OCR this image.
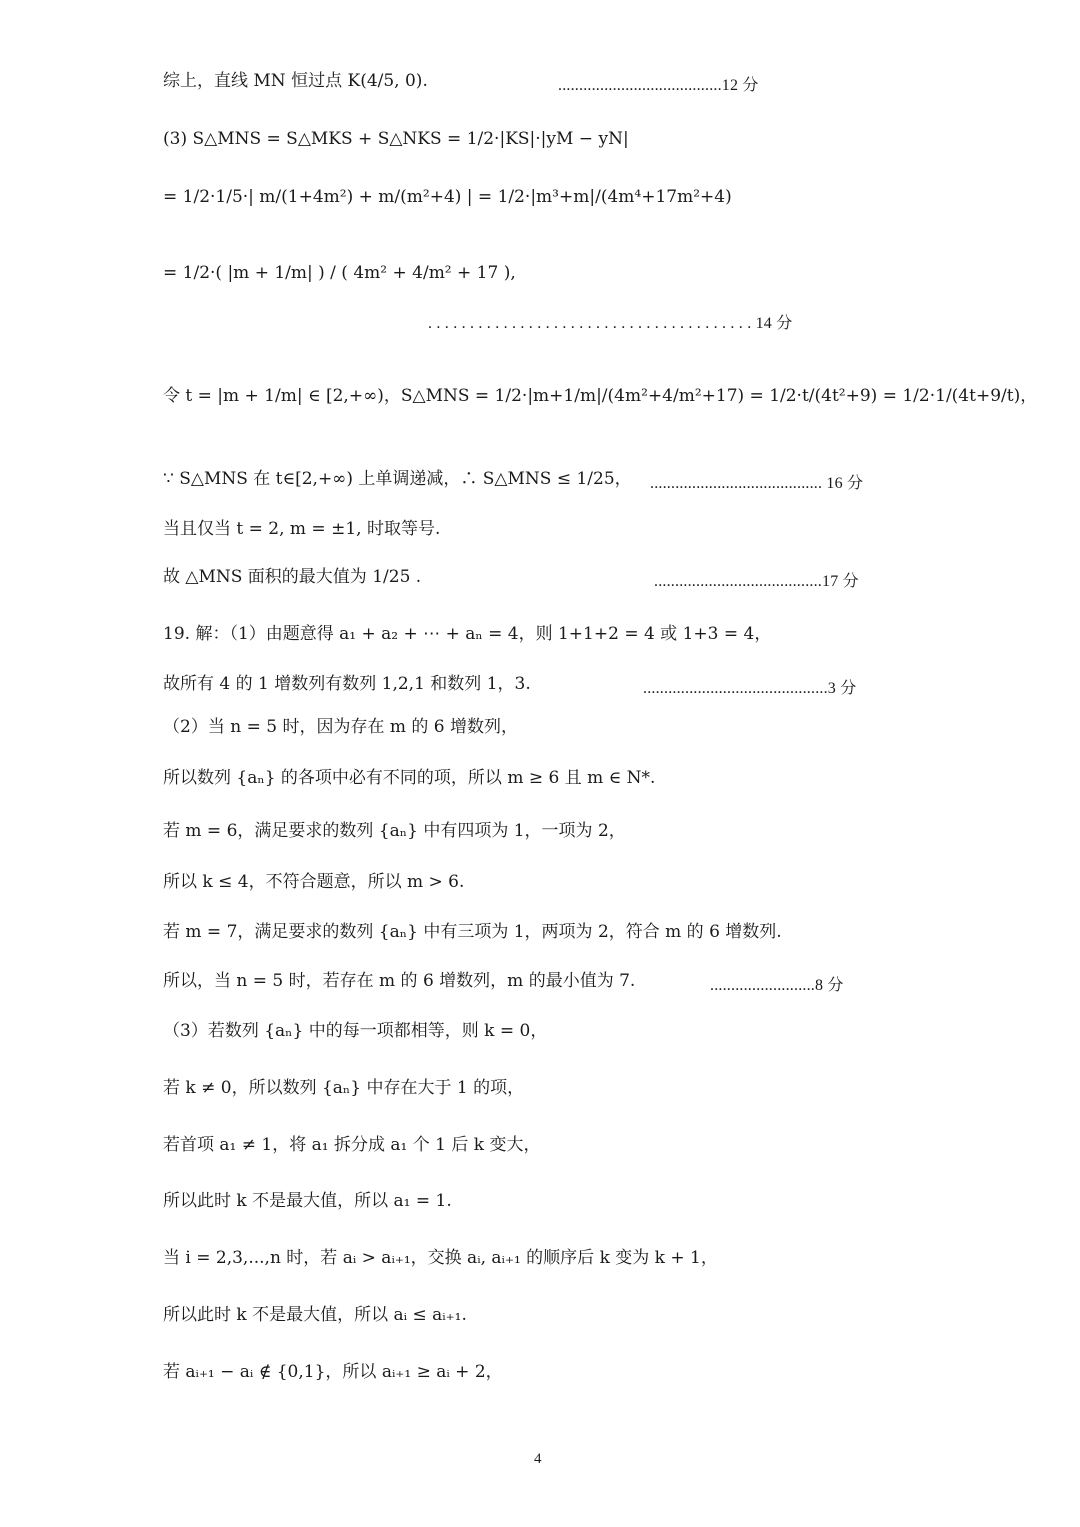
综上，直线 MN 恒过点 K(4/5, 0).	.......................................12 分
(3) S△MNS = S△MKS + S△NKS = 1/2·|KS|·|yM − yN|
= 1/2·1/5·| m/(1+4m²) + m/(m²+4) | = 1/2·|m³+m|/(4m⁴+17m²+4)
= 1/2·( |m + 1/m| ) / ( 4m² + 4/m² + 17 ),
. . . . . . . . . . . . . . . . . . . . . . . . . . . . . . . . . . . . . . . 14 分
令 t = |m + 1/m| ∈ [2,+∞)，S△MNS = 1/2·|m+1/m|/(4m²+4/m²+17) = 1/2·t/(4t²+9) = 1/2·1/(4t+9/t)，
∵ S△MNS 在 t∈[2,+∞) 上单调递减，∴ S△MNS ≤ 1/25， ......................................... 16 分
当且仅当 t = 2, m = ±1, 时取等号.
故 △MNS 面积的最大值为 1/25 .	........................................17 分
19. 解：（1）由题意得 a₁ + a₂ + ⋯ + aₙ = 4，则 1+1+2 = 4 或 1+3 = 4，
故所有 4 的 1 增数列有数列 1,2,1 和数列 1，3.	............................................3 分
（2）当 n = 5 时，因为存在 m 的 6 增数列，
所以数列 {aₙ} 的各项中必有不同的项，所以 m ≥ 6 且 m ∈ N*.
若 m = 6，满足要求的数列 {aₙ} 中有四项为 1，一项为 2，
所以 k ≤ 4，不符合题意，所以 m > 6.
若 m = 7，满足要求的数列 {aₙ} 中有三项为 1，两项为 2，符合 m 的 6 增数列.
所以，当 n = 5 时，若存在 m 的 6 增数列，m 的最小值为 7.	.........................8 分
（3）若数列 {aₙ} 中的每一项都相等，则 k = 0，
若 k ≠ 0，所以数列 {aₙ} 中存在大于 1 的项，
若首项 a₁ ≠ 1，将 a₁ 拆分成 a₁ 个 1 后 k 变大，
所以此时 k 不是最大值，所以 a₁ = 1.
当 i = 2,3,...,n 时，若 aᵢ > aᵢ₊₁，交换 aᵢ, aᵢ₊₁ 的顺序后 k 变为 k + 1，
所以此时 k 不是最大值，所以 aᵢ ≤ aᵢ₊₁.
若 aᵢ₊₁ − aᵢ ∉ {0,1}，所以 aᵢ₊₁ ≥ aᵢ + 2，
4
